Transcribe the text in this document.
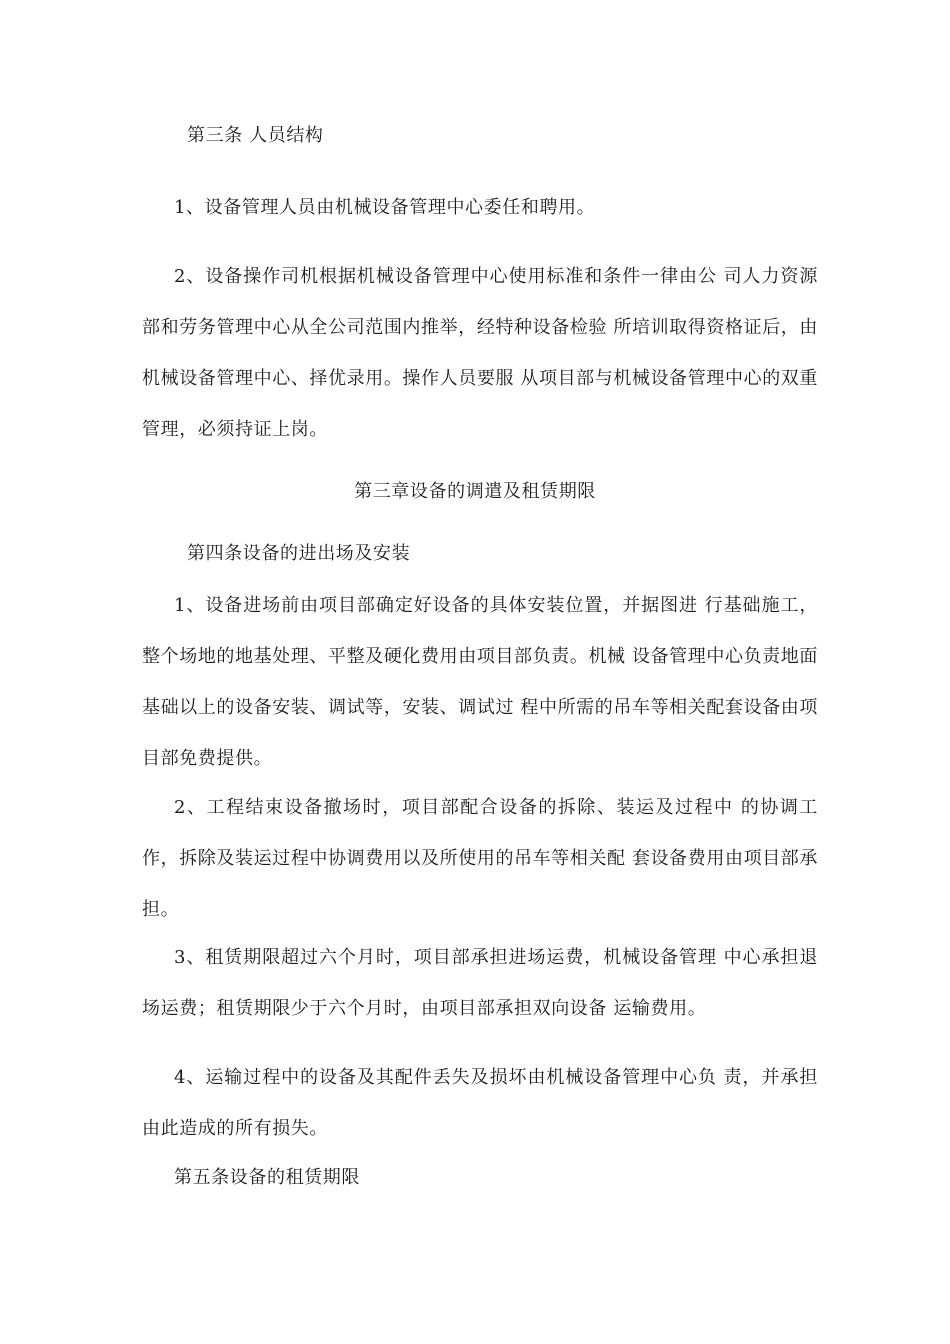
第三条 人员结构
1、设备管理人员由机械设备管理中心委任和聘用。
2、设备操作司机根据机械设备管理中心使用标准和条件一律由公 司人力资源部和劳务管理中心从全公司范围内推举，经特种设备检验 所培训取得资格证后，由机械设备管理中心、择优录用。操作人员要服 从项目部与机械设备管理中心的双重管理，必须持证上岗。
第三章设备的调遣及租赁期限
第四条设备的进出场及安装
1、设备进场前由项目部确定好设备的具体安装位置，并据图进 行基础施工，整个场地的地基处理、平整及硬化费用由项目部负责。机械 设备管理中心负责地面基础以上的设备安装、调试等，安装、调试过 程中所需的吊车等相关配套设备由项目部免费提供。
2、工程结束设备撤场时，项目部配合设备的拆除、装运及过程中 的协调工作，拆除及装运过程中协调费用以及所使用的吊车等相关配 套设备费用由项目部承担。
3、租赁期限超过六个月时，项目部承担进场运费，机械设备管理 中心承担退场运费；租赁期限少于六个月时，由项目部承担双向设备 运输费用。
4、运输过程中的设备及其配件丢失及损坏由机械设备管理中心负 责，并承担由此造成的所有损失。
第五条设备的租赁期限
